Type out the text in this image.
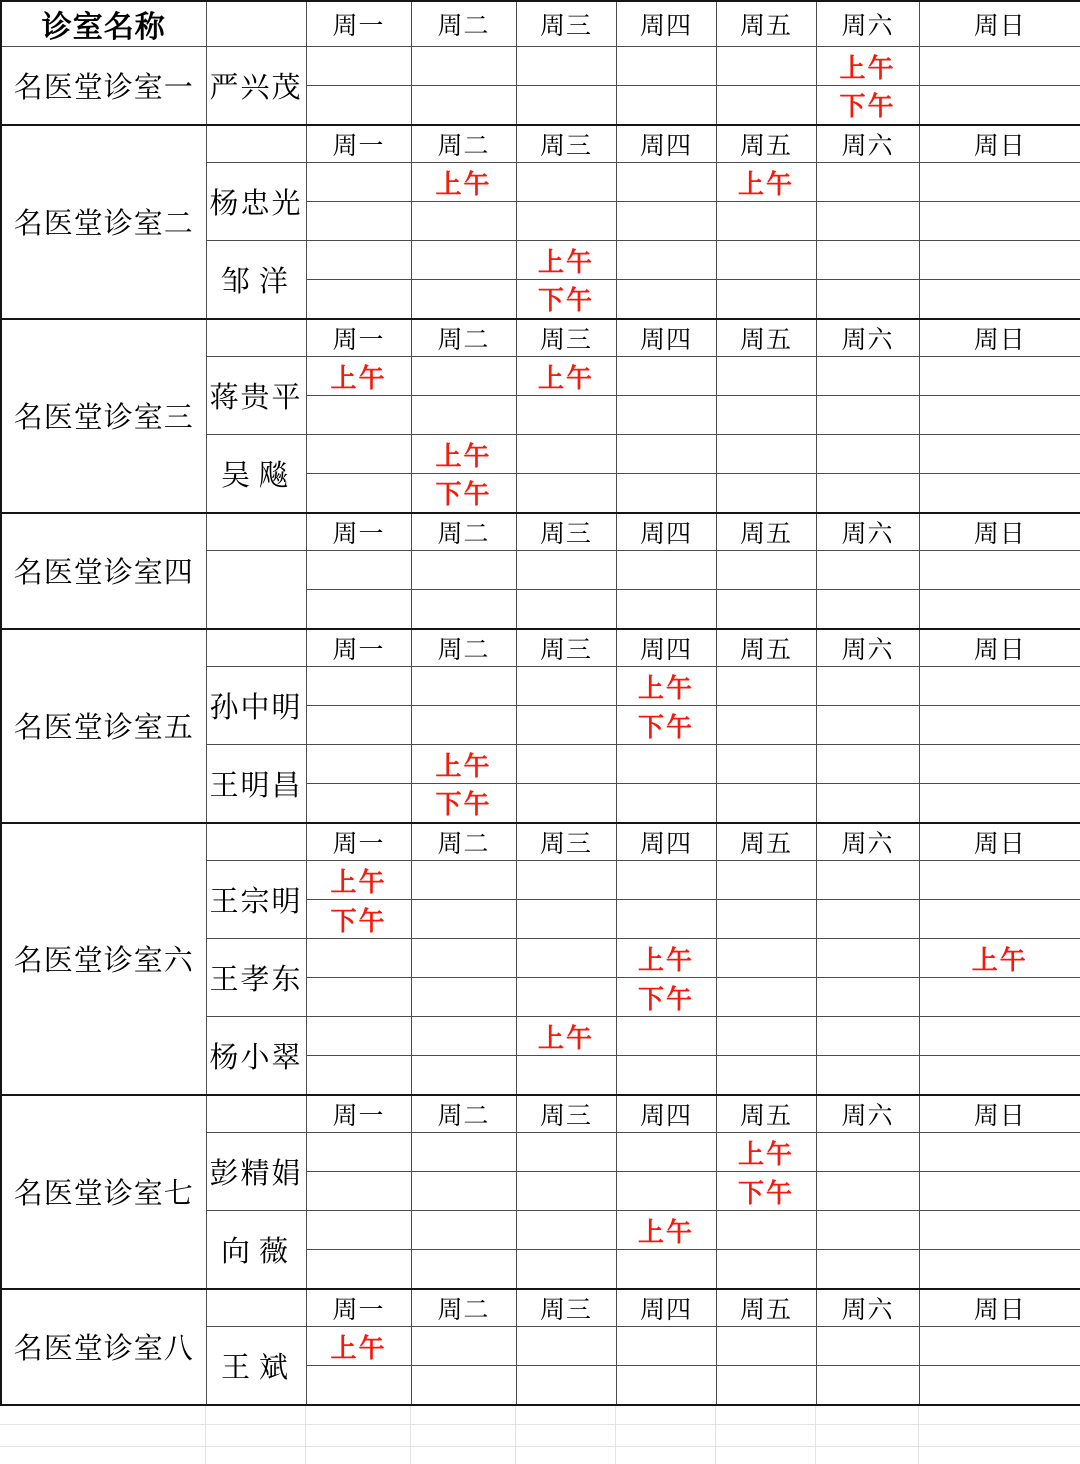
诊室名称		周一	周二	周三	周四	周五	周六	周日
名医堂诊室一	严兴茂						上午	
							下午	
名医堂诊室二		周一	周二	周三	周四	周五	周六	周日
	杨忠光		上午			上午		

	邹洋			上午				
				下午				
名医堂诊室三		周一	周二	周三	周四	周五	周六	周日
	蒋贵平	上午		上午				

	吴飚		上午					
			下午					
名医堂诊室四		周一	周二	周三	周四	周五	周六	周日

名医堂诊室五		周一	周二	周三	周四	周五	周六	周日
	孙中明				上午			
					下午			
	王明昌		上午					
			下午					
名医堂诊室六		周一	周二	周三	周四	周五	周六	周日
	王宗明	上午						
		下午						
	王孝东				上午			上午
					下午			
	杨小翠			上午				

名医堂诊室七		周一	周二	周三	周四	周五	周六	周日
	彭精娟					上午		
						下午		
	向薇				上午			

名医堂诊室八		周一	周二	周三	周四	周五	周六	周日
	王斌	上午						
